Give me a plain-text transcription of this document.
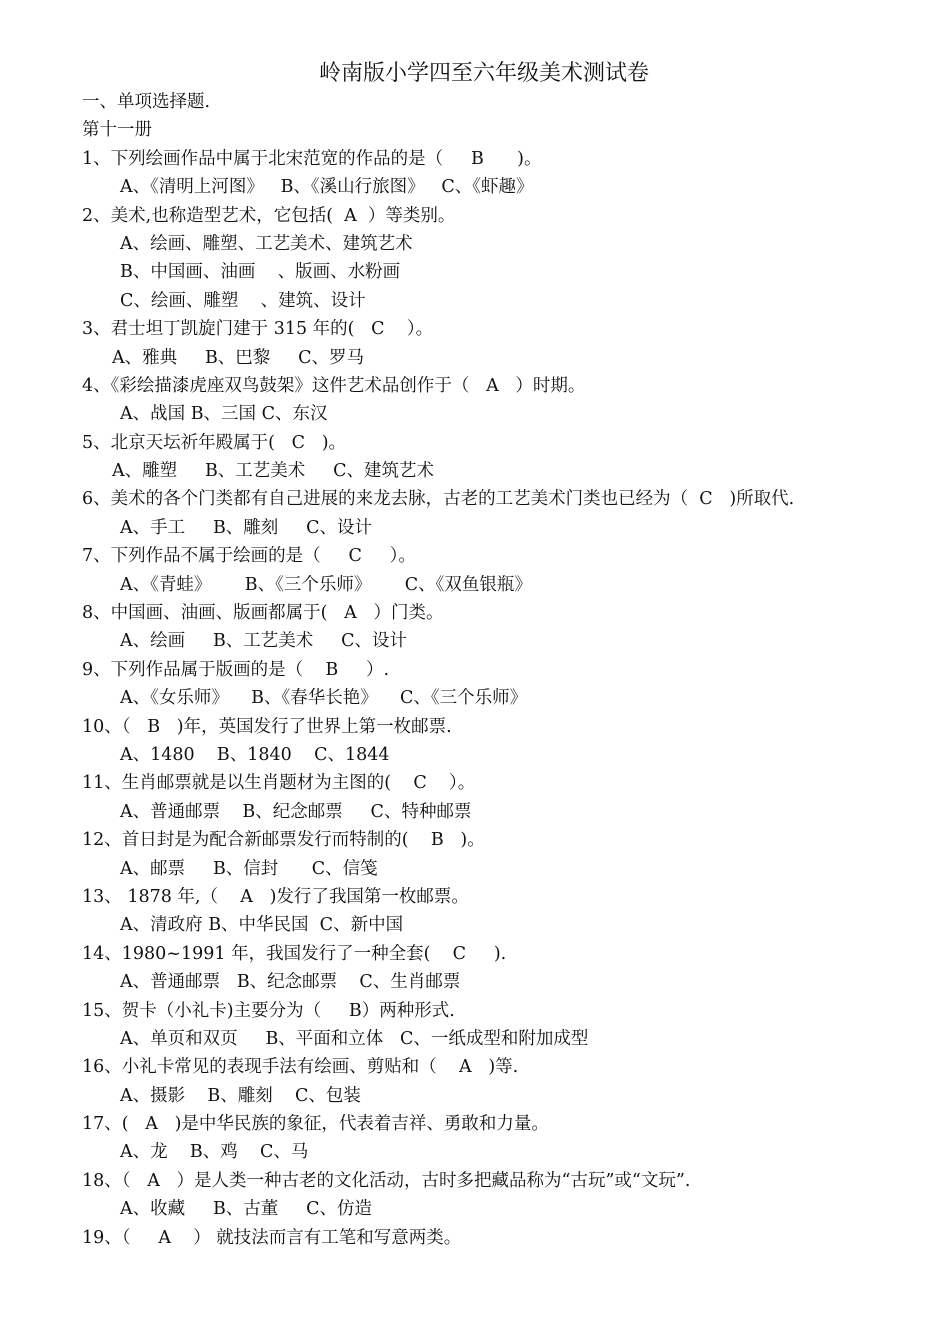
岭南版小学四至六年级美术测试卷
一、单项选择题.
第十一册
1、下列绘画作品中属于北宋范宽的作品的是（     B      )。
A、《清明上河图》   B、《溪山行旅图》   C、《虾趣》
2、美术,也称造型艺术，它包括(  A  ）等类别。
A、绘画、雕塑、工艺美术、建筑艺术
B、中国画、油画    、版画、水粉画
C、绘画、雕塑    、建筑、设计
3、君士坦丁凯旋门建于 315 年的(   C    ）。
A、雅典     B、巴黎     C、罗马
4、《彩绘描漆虎座双鸟鼓架》这件艺术品创作于（   A   ）时期。
A、战国 B、三国 C、东汉
5、北京天坛祈年殿属于(   C   )。
A、雕塑     B、工艺美术     C、建筑艺术
6、美术的各个门类都有自己进展的来龙去脉，古老的工艺美术门类也已经为（  C   )所取代.
A、手工     B、雕刻     C、设计
7、下列作品不属于绘画的是（     C     ）。
A、《青蛙》      B、《三个乐师》      C、《双鱼银瓶》
8、中国画、油画、版画都属于(   A   ）门类。
A、绘画     B、工艺美术     C、设计
9、下列作品属于版画的是（    B     ）.
A、《女乐师》    B、《春华长艳》    C、《三个乐师》
10、（   B   )年，英国发行了世界上第一枚邮票.
A、1480    B、1840    C、1844
11、生肖邮票就是以生肖题材为主图的(    C    ）。
A、普通邮票    B、纪念邮票     C、特种邮票
12、首日封是为配合新邮票发行而特制的(    B   )。
A、邮票     B、信封      C、信笺
13、 1878 年,（    A   )发行了我国第一枚邮票。
A、清政府 B、中华民国  C、新中国
14、1980~1991 年，我国发行了一种全套(    C     ).
A、普通邮票   B、纪念邮票    C、生肖邮票
15、贺卡（小礼卡)主要分为（     B）两种形式.
A、单页和双页     B、平面和立体   C、一纸成型和附加成型
16、小礼卡常见的表现手法有绘画、剪贴和（    A   )等.
A、摄影    B、雕刻    C、包装
17、(   A   )是中华民族的象征，代表着吉祥、勇敢和力量。
A、龙    B、鸡    C、马
18、（   A   ）是人类一种古老的文化活动，古时多把藏品称为“古玩”或“文玩”.
A、收藏     B、古董     C、仿造
19、（     A    ） 就技法而言有工笔和写意两类。
